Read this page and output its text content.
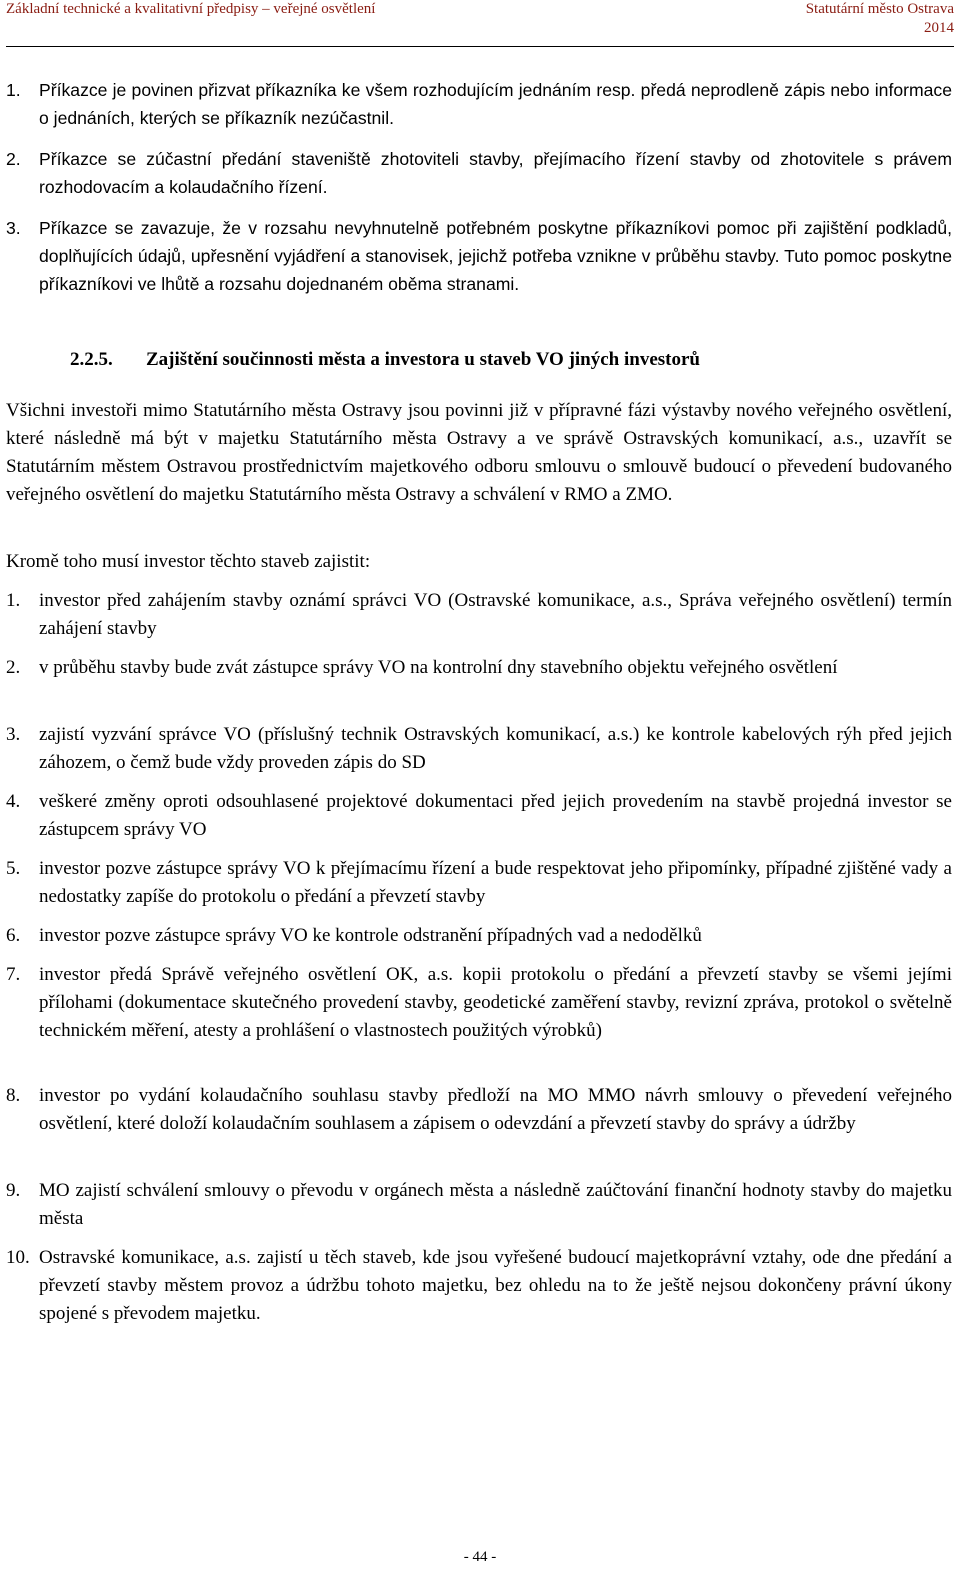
Základní technické a kvalitativní předpisy – veřejné osvětlení	Statutární město Ostrava
2014
1. Příkazce je povinen přizvat příkazníka ke všem rozhodujícím jednáním resp. předá neprodleně zápis nebo informace o jednáních, kterých se příkazník nezúčastnil.
2. Příkazce se zúčastní předání staveniště zhotoviteli stavby, přejímacího řízení stavby od zhotovitele s právem rozhodovacím a kolaudačního řízení.
3. Příkazce se zavazuje, že v rozsahu nevyhnutelně potřebném poskytne příkazníkovi pomoc při zajištění podkladů, doplňujících údajů, upřesnění vyjádření a stanovisek, jejichž potřeba vznikne v průběhu stavby. Tuto pomoc poskytne příkazníkovi ve lhůtě a rozsahu dojednaném oběma stranami.
2.2.5. Zajištění součinnosti města a investora u staveb VO jiných investorů
Všichni investoři mimo Statutárního města Ostravy jsou povinni již v přípravné fázi výstavby nového veřejného osvětlení, které následně má být v majetku Statutárního města Ostravy a ve správě Ostravských komunikací, a.s., uzavřít se Statutárním městem Ostravou prostřednictvím majetkového odboru smlouvu o smlouvě budoucí o převedení budovaného veřejného osvětlení do majetku Statutárního města Ostravy a schválení v RMO a ZMO.
Kromě toho musí investor těchto staveb zajistit:
1. investor před zahájením stavby oznámí správci VO (Ostravské komunikace, a.s., Správa veřejného osvětlení) termín zahájení stavby
2. v průběhu stavby bude zvát zástupce správy VO na kontrolní dny stavebního objektu veřejného osvětlení
3. zajistí vyzvání správce VO (příslušný technik Ostravských komunikací, a.s.) ke kontrole kabelových rýh před jejich záhozem, o čemž bude vždy proveden zápis do SD
4. veškeré změny oproti odsouhlasené projektové dokumentaci před jejich provedením na stavbě projedná investor se zástupcem správy VO
5. investor pozve zástupce správy VO k přejímacímu řízení a bude respektovat jeho připomínky, případné zjištěné vady a nedostatky zapíše do protokolu o předání a převzetí stavby
6. investor pozve zástupce správy VO ke kontrole odstranění případných vad a nedodělků
7. investor předá Správě veřejného osvětlení OK, a.s. kopii protokolu o předání a převzetí stavby se všemi jejími přílohami (dokumentace skutečného provedení stavby, geodetické zaměření stavby, revizní zpráva, protokol o světelně technickém měření, atesty a prohlášení o vlastnostech použitých výrobků)
8. investor po vydání kolaudačního souhlasu stavby předloží na MO MMO návrh smlouvy o převedení veřejného osvětlení, které doloží kolaudačním souhlasem a zápisem o odevzdání a převzetí stavby do správy a údržby
9. MO zajistí schválení smlouvy o převodu v orgánech města a následně zaúčtování finanční hodnoty stavby do majetku města
10. Ostravské komunikace, a.s. zajistí u těch staveb, kde jsou vyřešené budoucí majetkoprávní vztahy, ode dne předání a převzetí stavby městem provoz a údržbu tohoto majetku, bez ohledu na to že ještě nejsou dokončeny právní úkony spojené s převodem majetku.
- 44 -
